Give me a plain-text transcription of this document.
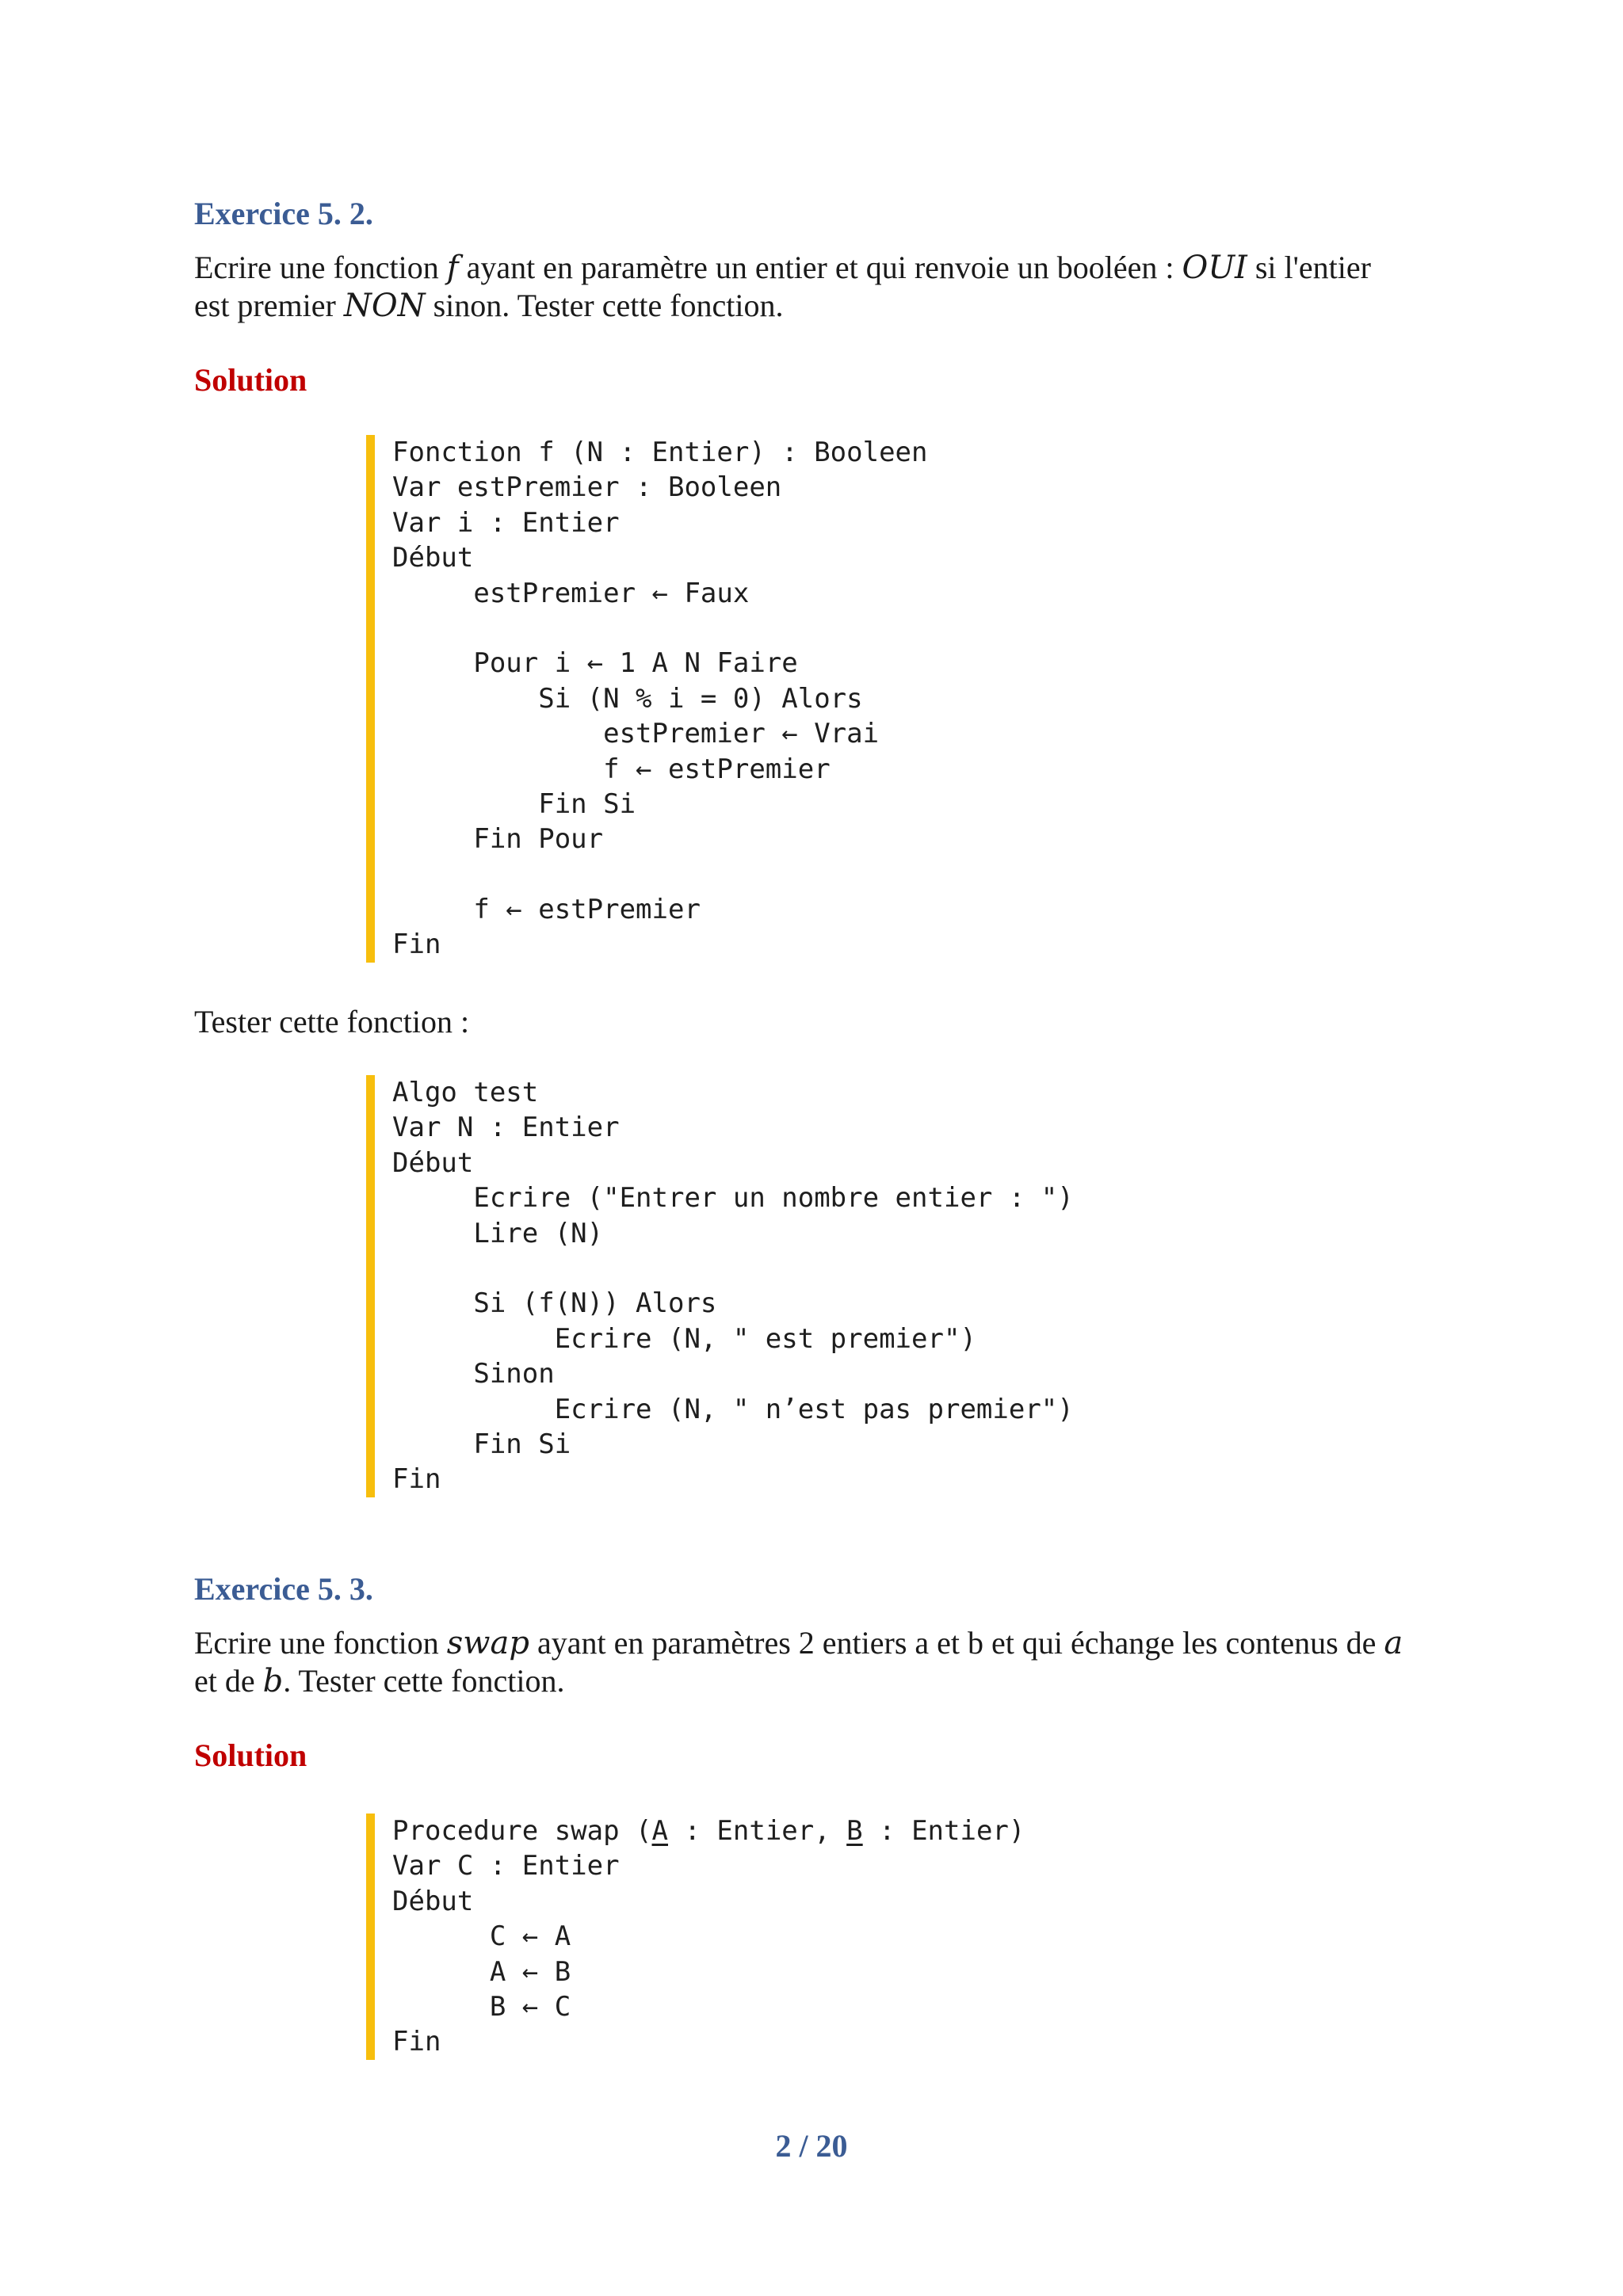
Exercice 5. 2.

Ecrire une fonction f ayant en paramètre un entier et qui renvoie un booléen : OUI si l'entier
est premier NON sinon. Tester cette fonction.

Solution
Fonction f (N : Entier) : Booleen
Var estPremier : Booleen
Var i : Entier
Début
estPremier ← Faux
Pour i ← 1 A N Faire
Si (N % i = 0) Alors
estPremier ← Vrai
f ← estPremier
Fin Si
Fin Pour
f ← estPremier
Fin

Tester cette fonction :

Algo test
Var N : Entier
Début
Ecrire ("Entrer un nombre entier : ")
Lire (N)
Si (f(N)) Alors
Ecrire (N, " est premier")
Sinon
Ecrire (N, " n’est pas premier")
Fin Si
Fin
Exercice 5. 3.

Ecrire une fonction swap ayant en paramètres 2 entiers a et b et qui échange les contenus de a
et de b. Tester cette fonction.

Solution
Procedure swap (A : Entier, B : Entier)
Var C : Entier
Début
C ← A
A ← B
B ← C
Fin
2 / 20
